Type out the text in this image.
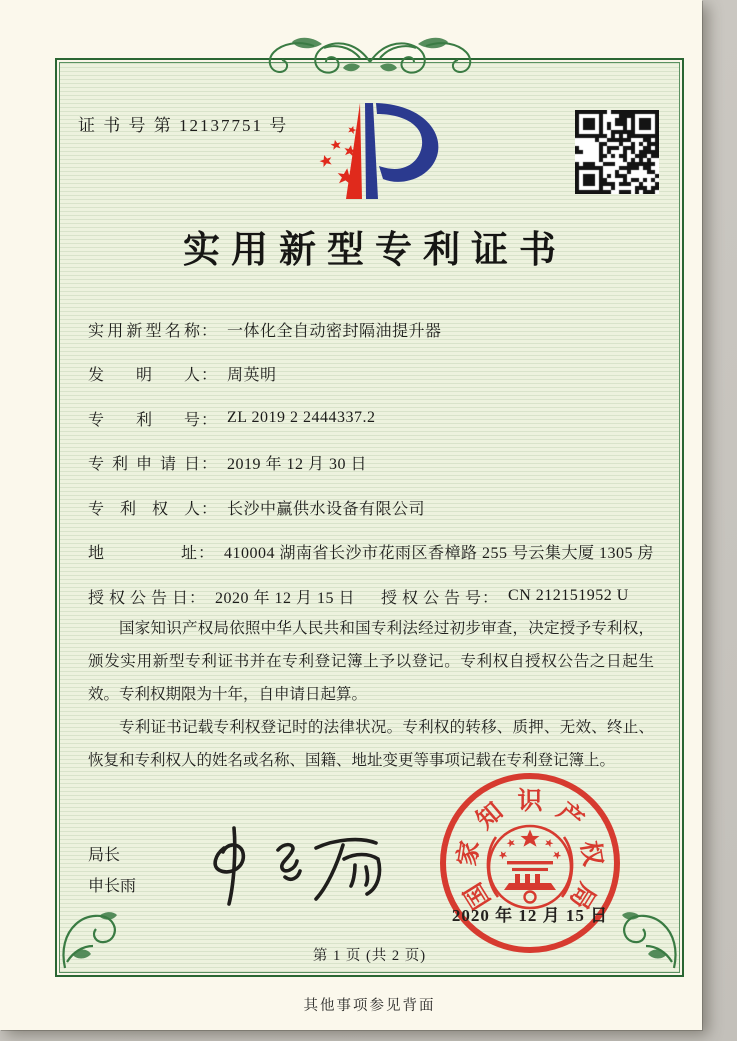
证 书 号 第 12137751 号
实用新型专利证书
实用新型名称 ： 一体化全自动密封隔油提升器
发明人 ： 周英明
专利号 ： ZL 2019 2 2444337.2
专利申请日 ： 2019 年 12 月 30 日
专利权人 ： 长沙中赢供水设备有限公司
地址 ： 410004 湖南省长沙市花雨区香樟路 255 号云集大厦 1305 房
授权公告日 ： 2020 年 12 月 15 日 授权公告号 ： CN 212151952 U

国家知识产权局依照中华人民共和国专利法经过初步审查，决定授予专利权，颁发实用新型专利证书并在专利登记簿上予以登记。专利权自授权公告之日起生效。专利权期限为十年，自申请日起算。

专利证书记载专利权登记时的法律状况。专利权的转移、质押、无效、终止、恢复和专利权人的姓名或名称、国籍、地址变更等事项记载在专利登记簿上。

局长
申长雨	国
家
知 识 产
权
局
2020 年 12 月 15 日
第 1 页 (共 2 页)
其他事项参见背面
